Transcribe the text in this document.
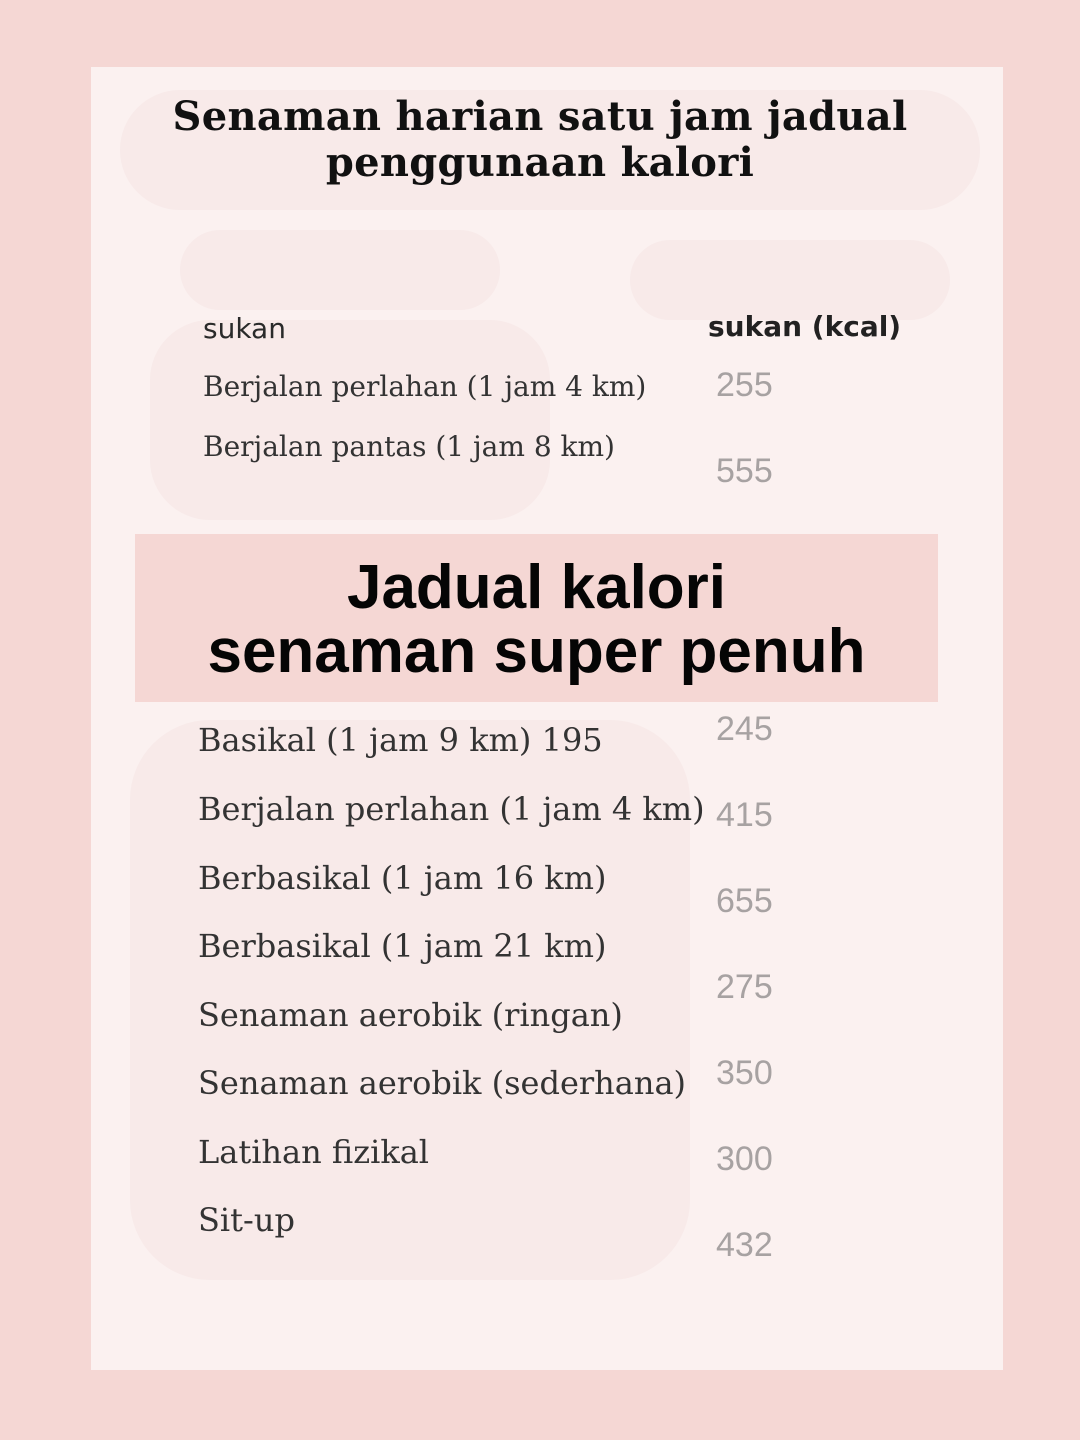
Senaman harian satu jam jadual
penggunaan kalori
sukan	sukan (kcal)
Berjalan perlahan (1 jam 4 km) 255
Berjalan pantas (1 jam 8 km)
555
Jadual kalori
senaman super penuh
245
Basikal (1 jam 9 km) 195
Berjalan perlahan (1 jam 4 km) 415
Berbasikal (1 jam 16 km)
655
Berbasikal (1 jam 21 km)
275
Senaman aerobik (ringan)
350
Senaman aerobik (sederhana)
300
Latihan fizikal
432
Sit-up
